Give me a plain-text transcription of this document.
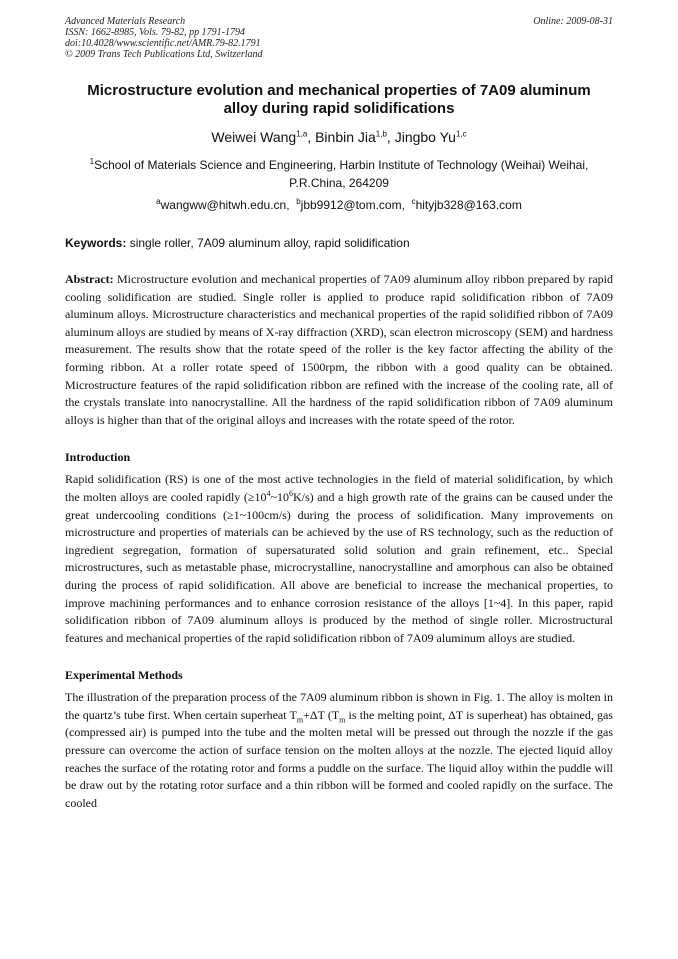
Advanced Materials Research
ISSN: 1662-8985, Vols. 79-82, pp 1791-1794
doi:10.4028/www.scientific.net/AMR.79-82.1791
© 2009 Trans Tech Publications Ltd, Switzerland
Online: 2009-08-31
Microstructure evolution and mechanical properties of 7A09 aluminum
alloy during rapid solidifications
Weiwei Wang$^{1,a}$, Binbin Jia$^{1,b}$, Jingbo Yu$^{1,c}$
$^1$School of Materials Science and Engineering, Harbin Institute of Technology (Weihai) Weihai,
P.R.China, 264209
$^a$wangww@hitwh.edu.cn, $^b$jbb9912@tom.com, $^c$hityjb328@163.com
Keywords: single roller, 7A09 aluminum alloy, rapid solidification

Abstract: Microstructure evolution and mechanical properties of 7A09 aluminum alloy ribbon prepared by rapid cooling solidification are studied. Single roller is applied to produce rapid solidification ribbon of 7A09 aluminum alloys. Microstructure characteristics and mechanical properties of the rapid solidified ribbon of 7A09 aluminum alloys are studied by means of X-ray diffraction (XRD), scan electron microscopy (SEM) and hardness measurement. The results show that the rotate speed of the roller is the key factor affecting the ability of the forming ribbon. At a roller rotate speed of 1500rpm, the ribbon with a good quality can be obtained. Microstructure features of the rapid solidification ribbon are refined with the increase of the cooling rate, all of the crystals translate into nanocrystalline. All the hardness of the rapid solidification ribbon of 7A09 aluminum alloys is higher than that of the original alloys and increases with the rotate speed of the rotor.

Introduction

Rapid solidification (RS) is one of the most active technologies in the field of material solidification, by which the molten alloys are cooled rapidly $(\ge 10^4\sim 10^6K/s)$ and a high growth rate of the grains can be caused under the great undercooling conditions (≥1~100cm/s) during the process of solidification. Many improvements on microstructure and properties of materials can be achieved by the use of RS technology, such as the reduction of ingredient segregation, formation of supersaturated solid solution and grain refinement, etc.. Special microstructures, such as metastable phase, microcrystalline, nanocrystalline and amorphous can also be obtained during the process of rapid solidification. All above are beneficial to increase the mechanical properties, to improve machining performances and to enhance corrosion resistance of the alloys [1~4]. In this paper, rapid solidification ribbon of 7A09 aluminum alloys is produced by the method of single roller. Microstructural features and mechanical properties of the rapid solidification ribbon of 7A09 aluminum alloys are studied.

Experimental Methods

The illustration of the preparation process of the 7A09 aluminum ribbon is shown in Fig. 1. The alloy is molten in the quartz’s tube first. When certain superheat $T_m+\Delta T$ ($T_m$ is the melting point, ΔT is superheat) has obtained, gas (compressed air) is pumped into the tube and the molten metal will be pressed out through the nozzle if the gas pressure can overcome the action of surface tension on the molten alloys at the nozzle. The ejected liquid alloy reaches the surface of the rotating rotor and forms a puddle on the surface. The liquid alloy within the puddle will be draw out by the rotating rotor surface and a thin ribbon will be formed and cooled rapidly on the surface. The cooled
